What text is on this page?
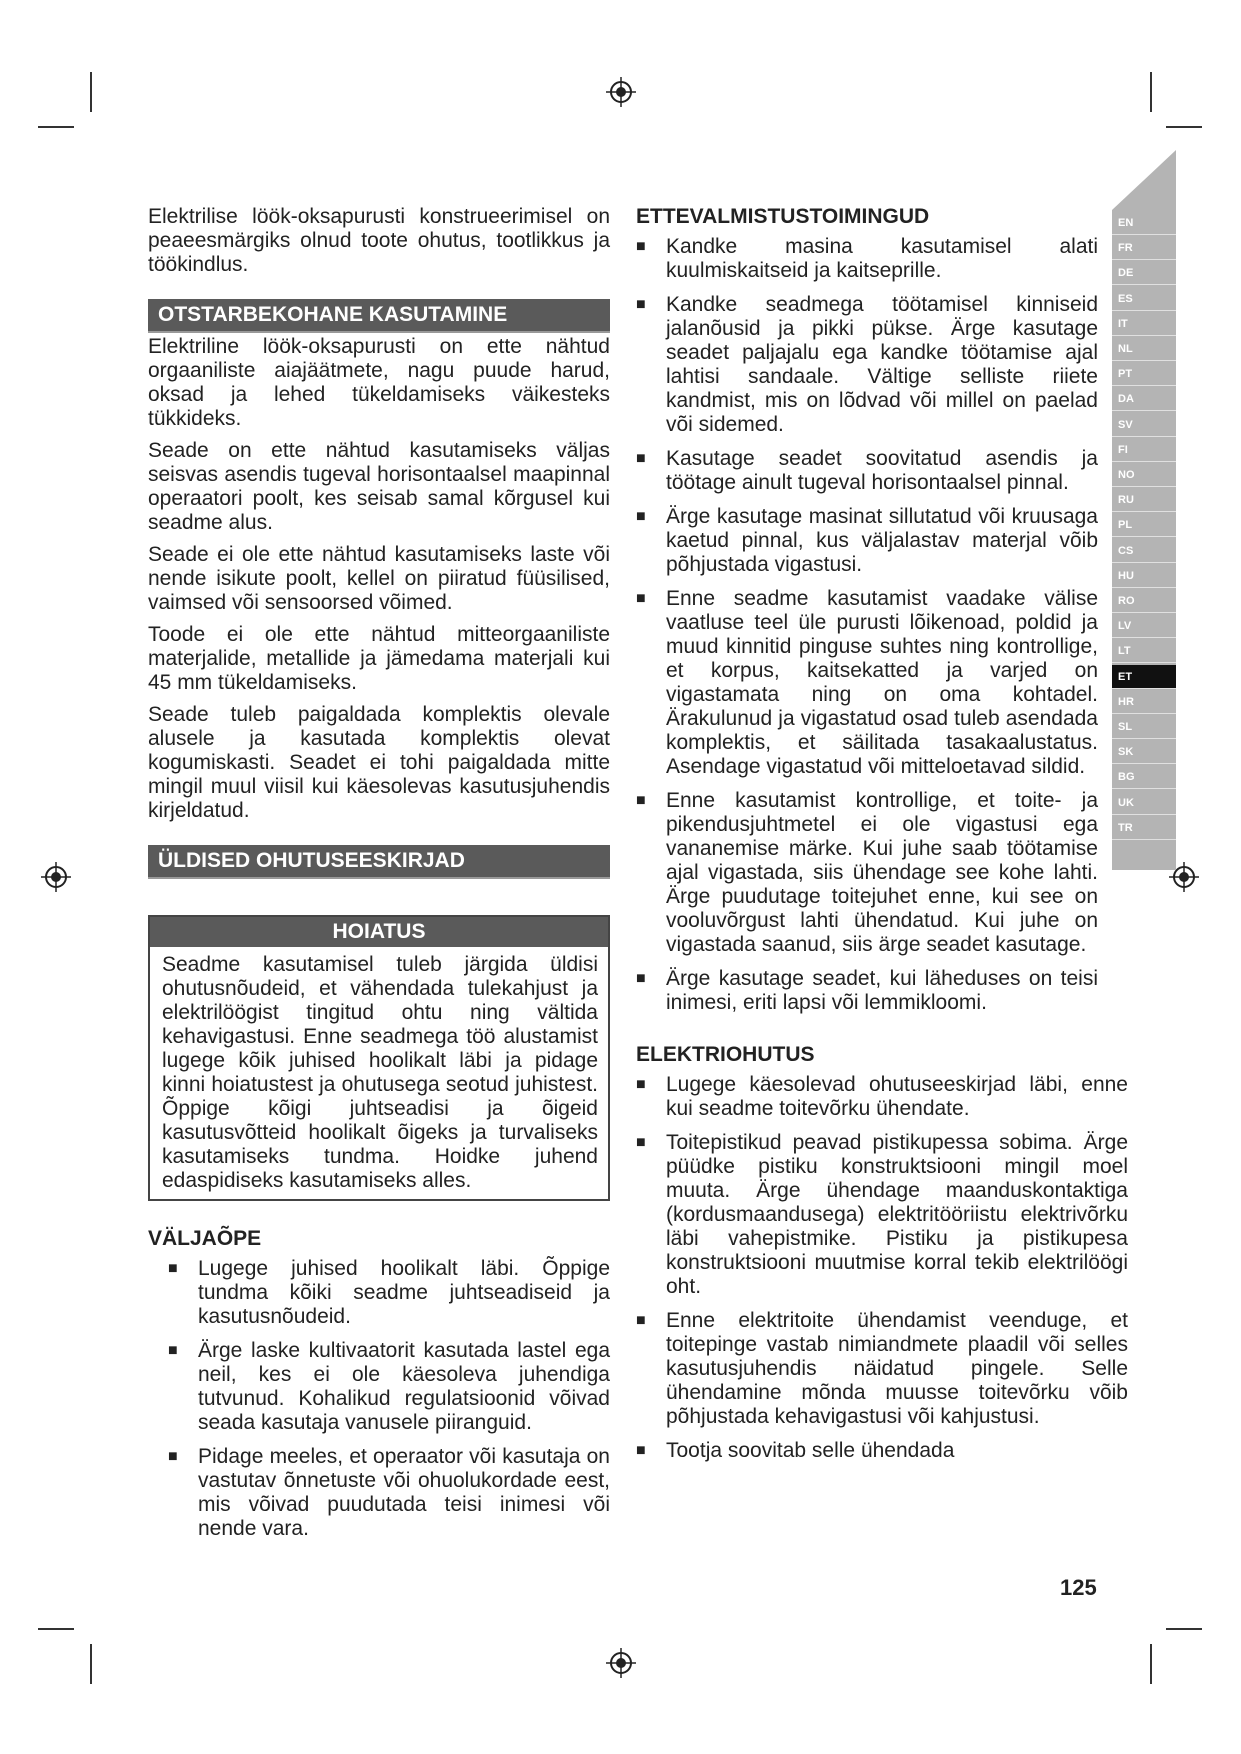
EN
FR
DE
ES
IT
NL
PT
DA
SV
FI
NO
RU
PL
CS
HU
RO
LV
LT
ET
HR
SL
SK
BG
UK
TR

Elektrilise löök-oksapurusti konstrueerimisel on peaeesmärgiks olnud toote ohutus, tootlikkus ja töökindlus.

OTSTARBEKOHANE KASUTAMINE

Elektriline löök-oksapurusti on ette nähtud orgaaniliste aiajäätmete, nagu puude harud, oksad ja lehed tükeldamiseks väikesteks tükkideks.

Seade on ette nähtud kasutamiseks väljas seisvas asendis tugeval horisontaalsel maapinnal operaatori poolt, kes seisab samal kõrgusel kui seadme alus.

Seade ei ole ette nähtud kasutamiseks laste või nende isikute poolt, kellel on piiratud füüsilised, vaimsed või sensoorsed võimed.

Toode ei ole ette nähtud mitteorgaaniliste materjalide, metallide ja jämedama materjali kui 45 mm tükeldamiseks.

Seade tuleb paigaldada komplektis olevale alusele ja kasutada komplektis olevat kogumiskasti. Seadet ei tohi paigaldada mitte mingil muul viisil kui käesolevas kasutusjuhendis kirjeldatud.

ÜLDISED OHUTUSEESKIRJAD
HOIATUS
Seadme kasutamisel tuleb järgida üldisi ohutusnõudeid, et vähendada tulekahjust ja elektrilöögist tingitud ohtu ning vältida kehavigastusi. Enne seadmega töö alustamist lugege kõik juhised hoolikalt läbi ja pidage kinni hoiatustest ja ohutusega seotud juhistest. Õppige kõigi juhtseadisi ja õigeid kasutusvõtteid hoolikalt õigeks ja turvaliseks kasutamiseks tundma. Hoidke juhend edaspidiseks kasutamiseks alles.
VÄLJAÕPE
■ Lugege juhised hoolikalt läbi. Õppige tundma kõiki seadme juhtseadiseid ja kasutusnõudeid.
■ Ärge laske kultivaatorit kasutada lastel ega neil, kes ei ole käesoleva juhendiga tutvunud. Kohalikud regulatsioonid võivad seada kasutaja vanusele piiranguid.
■ Pidage meeles, et operaator või kasutaja on vastutav õnnetuste või ohuolukordade eest, mis võivad puudutada teisi inimesi või nende vara.
ETTEVALMISTUSTOIMINGUD
■ Kandke masina kasutamisel alati kuulmiskaitseid ja kaitseprille.
■ Kandke seadmega töötamisel kinniseid jalanõusid ja pikki pükse. Ärge kasutage seadet paljajalu ega kandke töötamise ajal lahtisi sandaale. Vältige selliste riiete kandmist, mis on lõdvad või millel on paelad või sidemed.
■ Kasutage seadet soovitatud asendis ja töötage ainult tugeval horisontaalsel pinnal.
■ Ärge kasutage masinat sillutatud või kruusaga kaetud pinnal, kus väljalastav materjal võib põhjustada vigastusi.
■ Enne seadme kasutamist vaadake välise vaatluse teel üle purusti lõikenoad, poldid ja muud kinnitid pinguse suhtes ning kontrollige, et korpus, kaitsekatted ja varjed on vigastamata ning on oma kohtadel. Ärakulunud ja vigastatud osad tuleb asendada komplektis, et säilitada tasakaalustatus. Asendage vigastatud või mitteloetavad sildid.
■ Enne kasutamist kontrollige, et toite- ja pikendusjuhtmetel ei ole vigastusi ega vananemise märke. Kui juhe saab töötamise ajal vigastada, siis ühendage see kohe lahti. Ärge puudutage toitejuhet enne, kui see on vooluvõrgust lahti ühendatud. Kui juhe on vigastada saanud, siis ärge seadet kasutage.
■ Ärge kasutage seadet, kui läheduses on teisi inimesi, eriti lapsi või lemmikloomi.
ELEKTRIOHUTUS
■ Lugege käesolevad ohutuseeskirjad läbi, enne kui seadme toitevõrku ühendate.
■ Toitepistikud peavad pistikupessa sobima. Ärge püüdke pistiku konstruktsiooni mingil moel muuta. Ärge ühendage maanduskontaktiga (kordusmaandusega) elektritööriistu elektrivõrku läbi vahepistmike. Pistiku ja pistikupesa konstruktsiooni muutmise korral tekib elektrilöögi oht.
■ Enne elektritoite ühendamist veenduge, et toitepinge vastab nimiandmete plaadil või selles kasutusjuhendis näidatud pingele. Selle ühendamine mõnda muusse toitevõrku võib põhjustada kehavigastusi või kahjustusi.
■ Tootja soovitab selle ühendada
125
